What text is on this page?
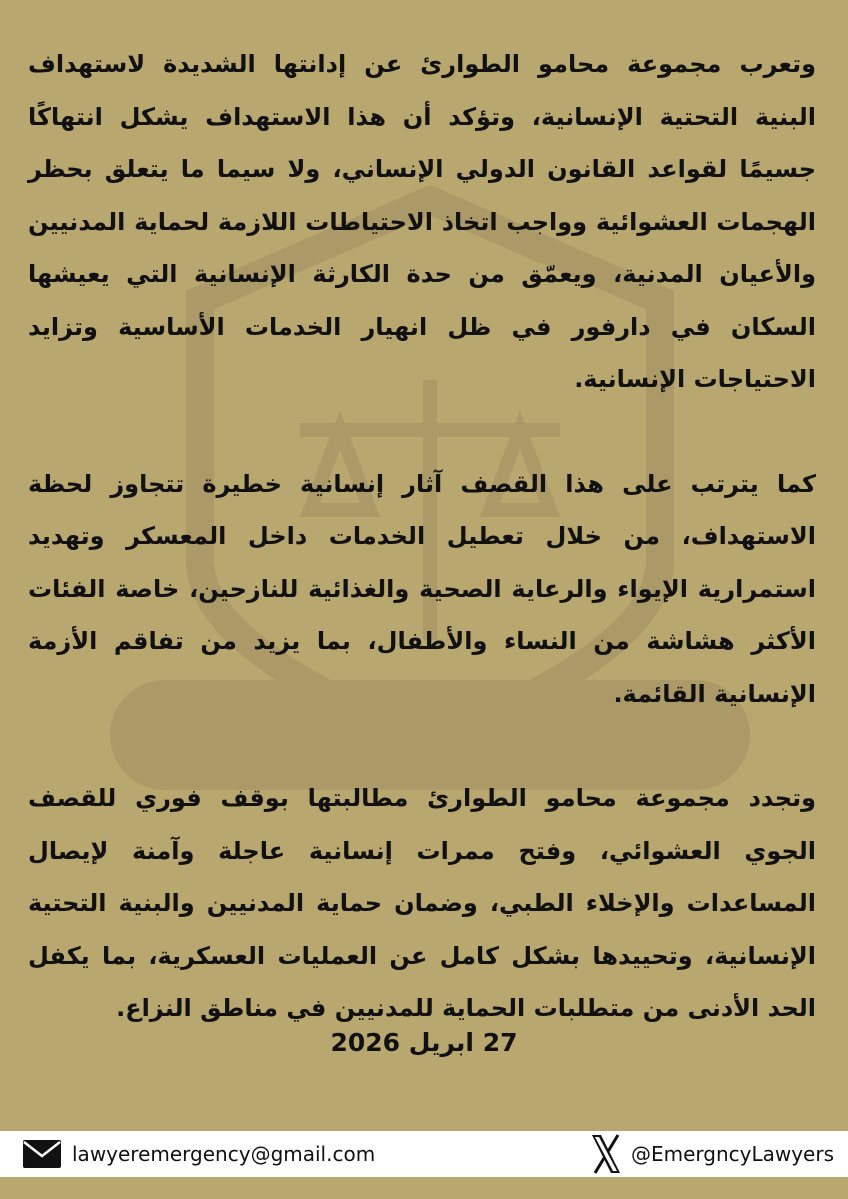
وتعرب مجموعة محامو الطوارئ عن إدانتها الشديدة لاستهداف البنية التحتية الإنسانية، وتؤكد أن هذا الاستهداف يشكل انتهاكًا جسيمًا لقواعد القانون الدولي الإنساني، ولا سيما ما يتعلق بحظر الهجمات العشوائية وواجب اتخاذ الاحتياطات اللازمة لحماية المدنيين والأعيان المدنية، ويعمّق من حدة الكارثة الإنسانية التي يعيشها السكان في دارفور في ظل انهيار الخدمات الأساسية وتزايد الاحتياجات الإنسانية.

كما يترتب على هذا القصف آثار إنسانية خطيرة تتجاوز لحظة الاستهداف، من خلال تعطيل الخدمات داخل المعسكر وتهديد استمرارية الإيواء والرعاية الصحية والغذائية للنازحين، خاصة الفئات الأكثر هشاشة من النساء والأطفال، بما يزيد من تفاقم الأزمة الإنسانية القائمة.

وتجدد مجموعة محامو الطوارئ مطالبتها بوقف فوري للقصف الجوي العشوائي، وفتح ممرات إنسانية عاجلة وآمنة لإيصال المساعدات والإخلاء الطبي، وضمان حماية المدنيين والبنية التحتية الإنسانية، وتحييدها بشكل كامل عن العمليات العسكرية، بما يكفل الحد الأدنى من متطلبات الحماية للمدنيين في مناطق النزاع.

27 ابريل 2026
lawyeremergency@gmail.com	@EmergncyLawyers
